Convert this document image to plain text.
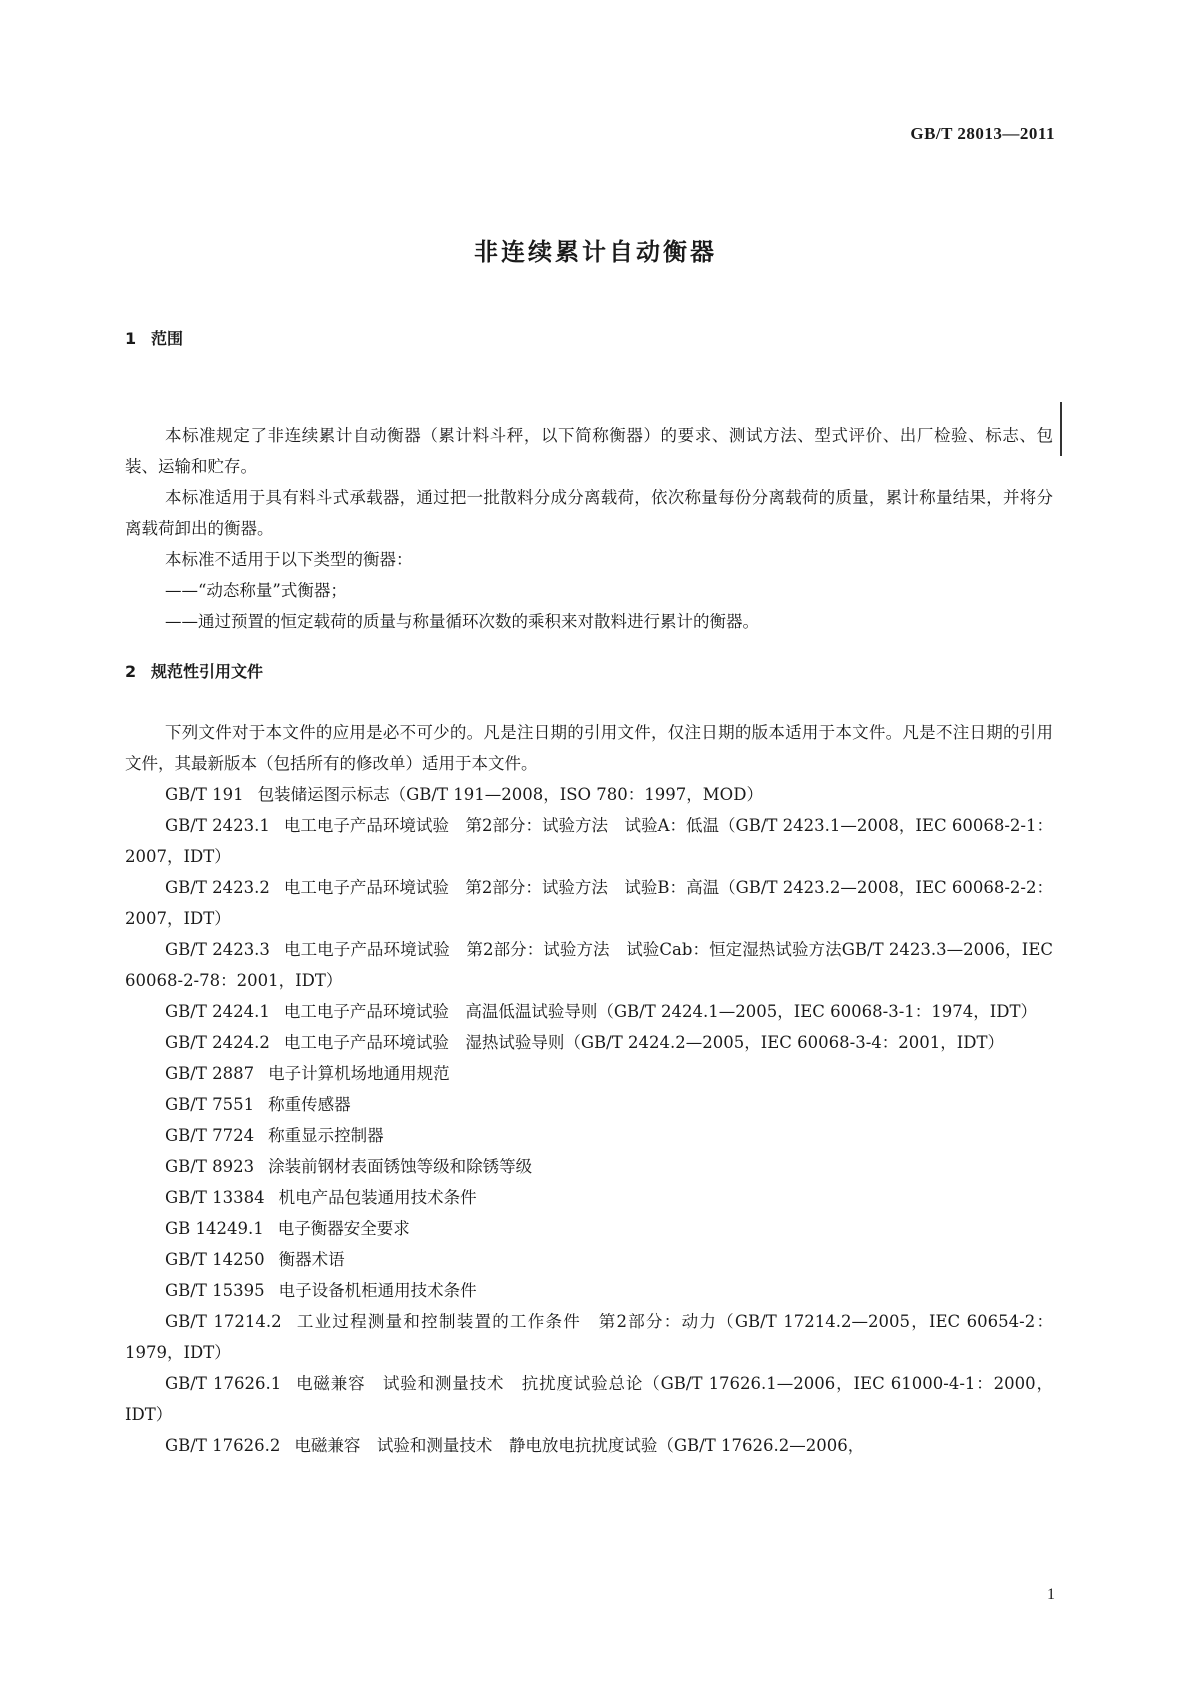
GB/T 28013—2011
非连续累计自动衡器
1 范围

本标准规定了非连续累计自动衡器（累计料斗秤，以下简称衡器）的要求、测试方法、型式评价、出厂检验、标志、包装、运输和贮存。

本标准适用于具有料斗式承载器，通过把一批散料分成分离载荷，依次称量每份分离载荷的质量，累计称量结果，并将分离载荷卸出的衡器。

本标准不适用于以下类型的衡器：

——“动态称量”式衡器；

——通过预置的恒定载荷的质量与称量循环次数的乘积来对散料进行累计的衡器。

2 规范性引用文件

下列文件对于本文件的应用是必不可少的。凡是注日期的引用文件，仅注日期的版本适用于本文件。凡是不注日期的引用文件，其最新版本（包括所有的修改单）适用于本文件。

GB/T 191 包装储运图示标志（GB/T 191—2008，ISO 780：1997，MOD）

GB/T 2423.1 电工电子产品环境试验　第2部分：试验方法　试验A：低温（GB/T 2423.1—2008，IEC 60068-2-1：2007，IDT）

GB/T 2423.2 电工电子产品环境试验　第2部分：试验方法　试验B：高温（GB/T 2423.2—2008，IEC 60068-2-2：2007，IDT）

GB/T 2423.3 电工电子产品环境试验　第2部分：试验方法　试验Cab：恒定湿热试验方法GB/T 2423.3—2006，IEC 60068-2-78：2001，IDT）

GB/T 2424.1 电工电子产品环境试验　高温低温试验导则（GB/T 2424.1—2005，IEC 60068-3-1：1974，IDT）

GB/T 2424.2 电工电子产品环境试验　湿热试验导则（GB/T 2424.2—2005，IEC 60068-3-4：2001，IDT）

GB/T 2887 电子计算机场地通用规范

GB/T 7551 称重传感器

GB/T 7724 称重显示控制器

GB/T 8923 涂装前钢材表面锈蚀等级和除锈等级

GB/T 13384 机电产品包装通用技术条件

GB 14249.1 电子衡器安全要求

GB/T 14250 衡器术语

GB/T 15395 电子设备机柜通用技术条件

GB/T 17214.2 工业过程测量和控制装置的工作条件　第2部分：动力（GB/T 17214.2—2005，IEC 60654-2：1979，IDT）

GB/T 17626.1 电磁兼容　试验和测量技术　抗扰度试验总论（GB/T 17626.1—2006，IEC 61000-4-1：2000，IDT）

GB/T 17626.2 电磁兼容　试验和测量技术　静电放电抗扰度试验（GB/T 17626.2—2006，

1
